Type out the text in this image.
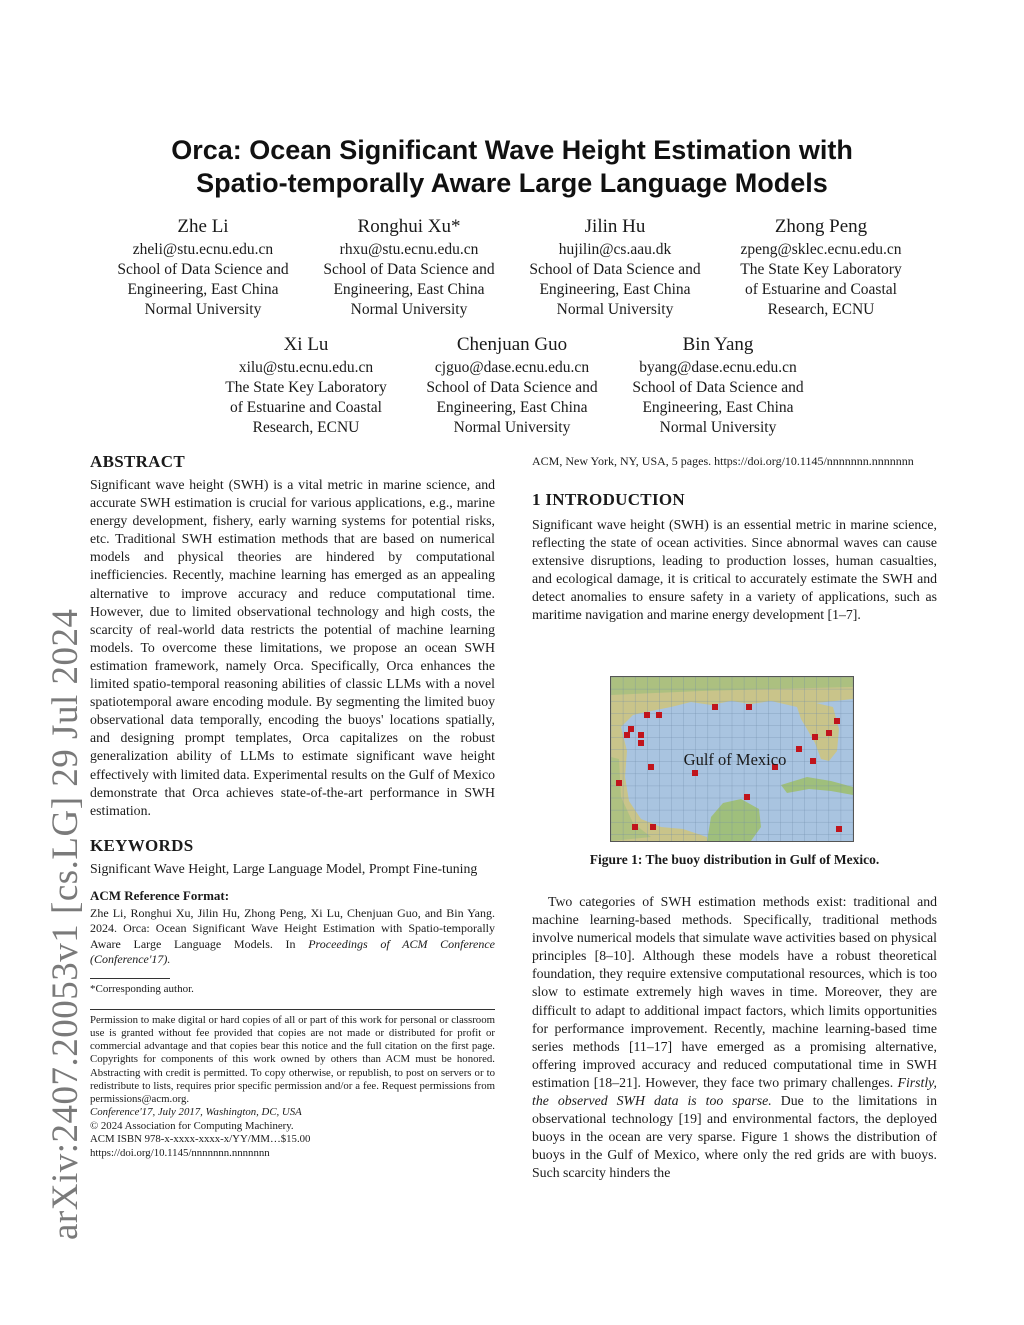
arXiv:2407.20053v1 [cs.LG] 29 Jul 2024
Orca: Ocean Significant Wave Height Estimation with
Spatio-temporally Aware Large Language Models
Zhe Li
zheli@stu.ecnu.edu.cn
School of Data Science and
Engineering, East China
Normal University
Ronghui Xu*
rhxu@stu.ecnu.edu.cn
School of Data Science and
Engineering, East China
Normal University
Jilin Hu
hujilin@cs.aau.dk
School of Data Science and
Engineering, East China
Normal University
Zhong Peng
zpeng@sklec.ecnu.edu.cn
The State Key Laboratory
of Estuarine and Coastal
Research, ECNU
Xi Lu
xilu@stu.ecnu.edu.cn
The State Key Laboratory
of Estuarine and Coastal
Research, ECNU
Chenjuan Guo
cjguo@dase.ecnu.edu.cn
School of Data Science and
Engineering, East China
Normal University
Bin Yang
byang@dase.ecnu.edu.cn
School of Data Science and
Engineering, East China
Normal University
ABSTRACT

Significant wave height (SWH) is a vital metric in marine science, and accurate SWH estimation is crucial for various applications, e.g., marine energy development, fishery, early warning systems for potential risks, etc. Traditional SWH estimation methods that are based on numerical models and physical theories are hindered by computational inefficiencies. Recently, machine learning has emerged as an appealing alternative to improve accuracy and reduce computational time. However, due to limited observational technology and high costs, the scarcity of real-world data restricts the potential of machine learning models. To overcome these limitations, we propose an ocean SWH estimation framework, namely Orca. Specifically, Orca enhances the limited spatio-temporal reasoning abilities of classic LLMs with a novel spatiotemporal aware encoding module. By segmenting the limited buoy observational data temporally, encoding the buoys' locations spatially, and designing prompt templates, Orca capitalizes on the robust generalization ability of LLMs to estimate significant wave height effectively with limited data. Experimental results on the Gulf of Mexico demonstrate that Orca achieves state-of-the-art performance in SWH estimation.

KEYWORDS

Significant Wave Height, Large Language Model, Prompt Fine-tuning

ACM Reference Format:

Zhe Li, Ronghui Xu, Jilin Hu, Zhong Peng, Xi Lu, Chenjuan Guo, and Bin Yang. 2024. Orca: Ocean Significant Wave Height Estimation with Spatio-temporally Aware Large Language Models. In Proceedings of ACM Conference (Conference'17).

*Corresponding author.

Permission to make digital or hard copies of all or part of this work for personal or classroom use is granted without fee provided that copies are not made or distributed for profit or commercial advantage and that copies bear this notice and the full citation on the first page. Copyrights for components of this work owned by others than ACM must be honored. Abstracting with credit is permitted. To copy otherwise, or republish, to post on servers or to redistribute to lists, requires prior specific permission and/or a fee. Request permissions from permissions@acm.org.

Conference'17, July 2017, Washington, DC, USA

© 2024 Association for Computing Machinery.

ACM ISBN 978-x-xxxx-xxxx-x/YY/MM…$15.00

https://doi.org/10.1145/nnnnnnn.nnnnnnn

ACM, New York, NY, USA, 5 pages. https://doi.org/10.1145/nnnnnnn.nnnnnnn

1 INTRODUCTION

Significant wave height (SWH) is an essential metric in marine science, reflecting the state of ocean activities. Since abnormal waves can cause extensive disruptions, leading to production losses, human casualties, and ecological damage, it is critical to accurately estimate the SWH and detect anomalies to ensure safety in a variety of applications, such as maritime navigation and marine energy development [1–7].

Gulf of Mexico
Figure 1: The buoy distribution in Gulf of Mexico.

Two categories of SWH estimation methods exist: traditional and machine learning-based methods. Specifically, traditional methods involve numerical models that simulate wave activities based on physical principles [8–10]. Although these models have a robust theoretical foundation, they require extensive computational resources, which is too slow to estimate extremely high waves in time. Moreover, they are difficult to adapt to additional impact factors, which limits opportunities for performance improvement. Recently, machine learning-based time series methods [11–17] have emerged as a promising alternative, offering improved accuracy and reduced computational time in SWH estimation [18–21]. However, they face two primary challenges. Firstly, the observed SWH data is too sparse. Due to the limitations in observational technology [19] and environmental factors, the deployed buoys in the ocean are very sparse. Figure 1 shows the distribution of buoys in the Gulf of Mexico, where only the red grids are with buoys. Such scarcity hinders the
